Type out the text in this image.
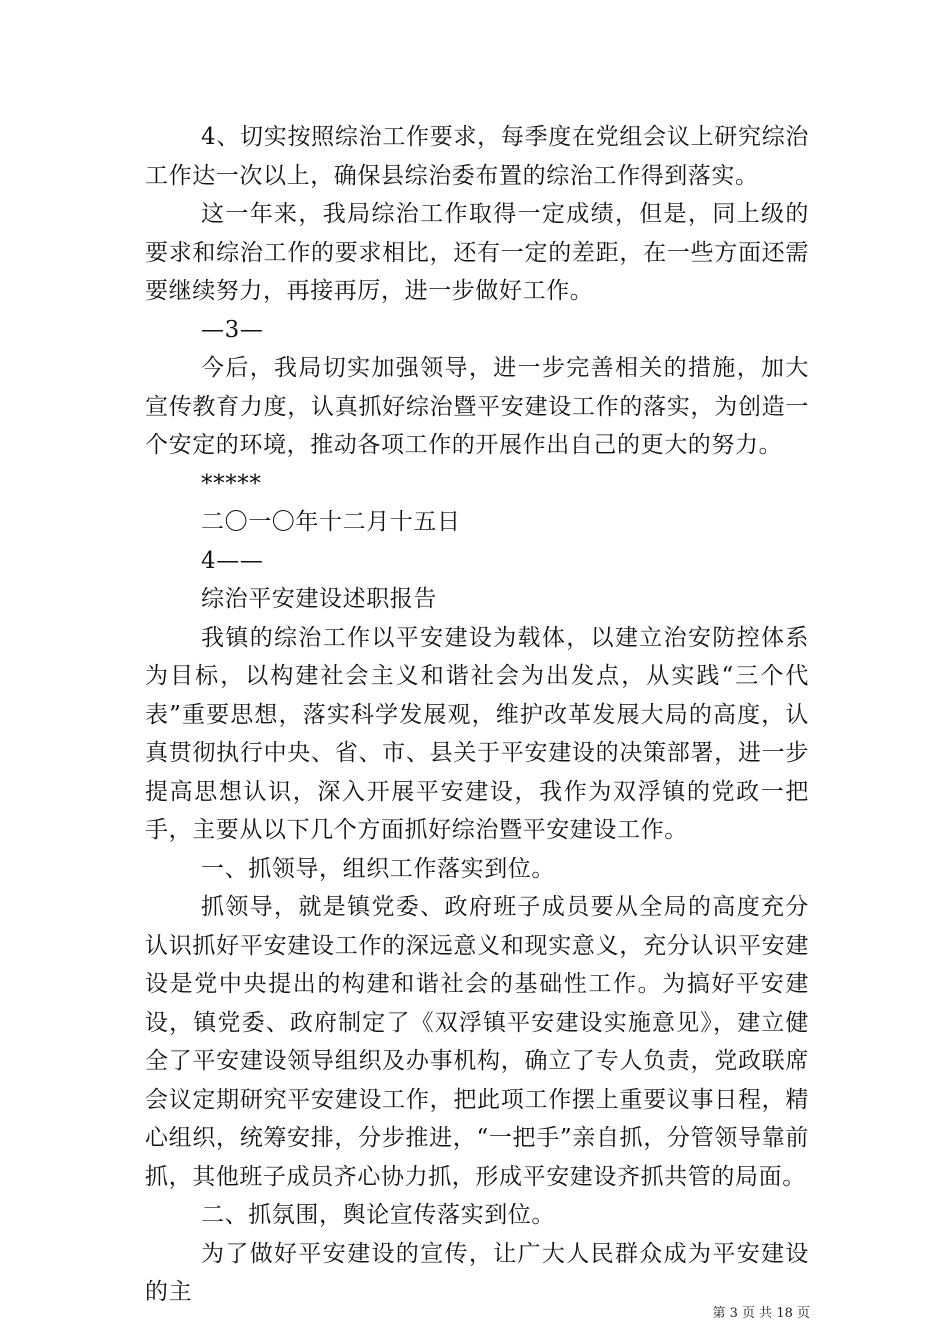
4、切实按照综治工作要求，每季度在党组会议上研究综治工作达一次以上，确保县综治委布置的综治工作得到落实。

这一年来，我局综治工作取得一定成绩，但是，同上级的要求和综治工作的要求相比，还有一定的差距，在一些方面还需要继续努力，再接再厉，进一步做好工作。

—3—

今后，我局切实加强领导，进一步完善相关的措施，加大宣传教育力度，认真抓好综治暨平安建设工作的落实，为创造一个安定的环境，推动各项工作的开展作出自己的更大的努力。

*****

二〇一〇年十二月十五日

4——

综治平安建设述职报告

我镇的综治工作以平安建设为载体，以建立治安防控体系为目标，以构建社会主义和谐社会为出发点，从实践“三个代表”重要思想，落实科学发展观，维护改革发展大局的高度，认真贯彻执行中央、省、市、县关于平安建设的决策部署，进一步提高思想认识，深入开展平安建设，我作为双浮镇的党政一把手，主要从以下几个方面抓好综治暨平安建设工作。

一、抓领导，组织工作落实到位。

抓领导，就是镇党委、政府班子成员要从全局的高度充分认识抓好平安建设工作的深远意义和现实意义，充分认识平安建设是党中央提出的构建和谐社会的基础性工作。为搞好平安建设，镇党委、政府制定了《双浮镇平安建设实施意见》，建立健全了平安建设领导组织及办事机构，确立了专人负责，党政联席会议定期研究平安建设工作，把此项工作摆上重要议事日程，精心组织，统筹安排，分步推进，“一把手”亲自抓，分管领导靠前抓，其他班子成员齐心协力抓，形成平安建设齐抓共管的局面。

二、抓氛围，舆论宣传落实到位。

为了做好平安建设的宣传，让广大人民群众成为平安建设的主

第 3 页 共 18 页
